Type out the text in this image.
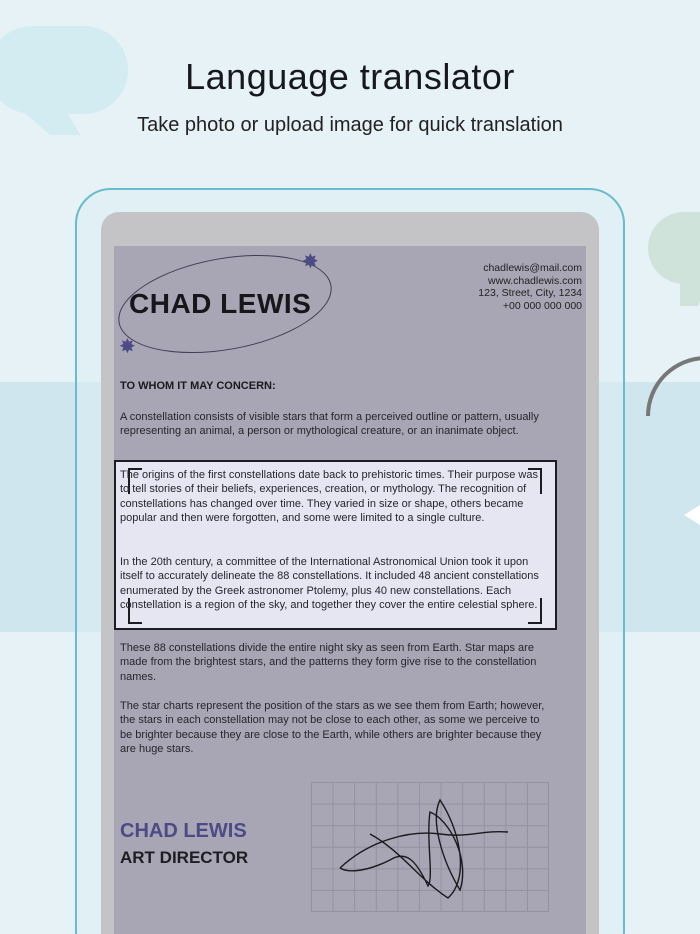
Language translator

Take photo or upload image for quick translation

✸
✸
CHAD LEWIS
chadlewis@mail.com
www.chadlewis.com
123, Street, City, 1234
+00 000 000 000
TO WHOM IT MAY CONCERN:

A constellation consists of visible stars that form a perceived outline or pattern, usually representing an animal, a person or mythological creature, or an inanimate object.

The origins of the first constellations date back to prehistoric times. Their purpose was to tell stories of their beliefs, experiences, creation, or mythology. The recognition of constellations has changed over time. They varied in size or shape, others became popular and then were forgotten, and some were limited to a single culture.

In the 20th century, a committee of the International Astronomical Union took it upon itself to accurately delineate the 88 constellations. It included 48 ancient constellations enumerated by the Greek astronomer Ptolemy, plus 40 new constellations. Each constellation is a region of the sky, and together they cover the entire celestial sphere.

These 88 constellations divide the entire night sky as seen from Earth. Star maps are made from the brightest stars, and the patterns they form give rise to the constellation names.

The star charts represent the position of the stars as we see them from Earth; however, the stars in each constellation may not be close to each other, as some we perceive to be brighter because they are close to the Earth, while others are brighter because they are huge stars.

CHAD LEWIS
ART DIRECTOR
